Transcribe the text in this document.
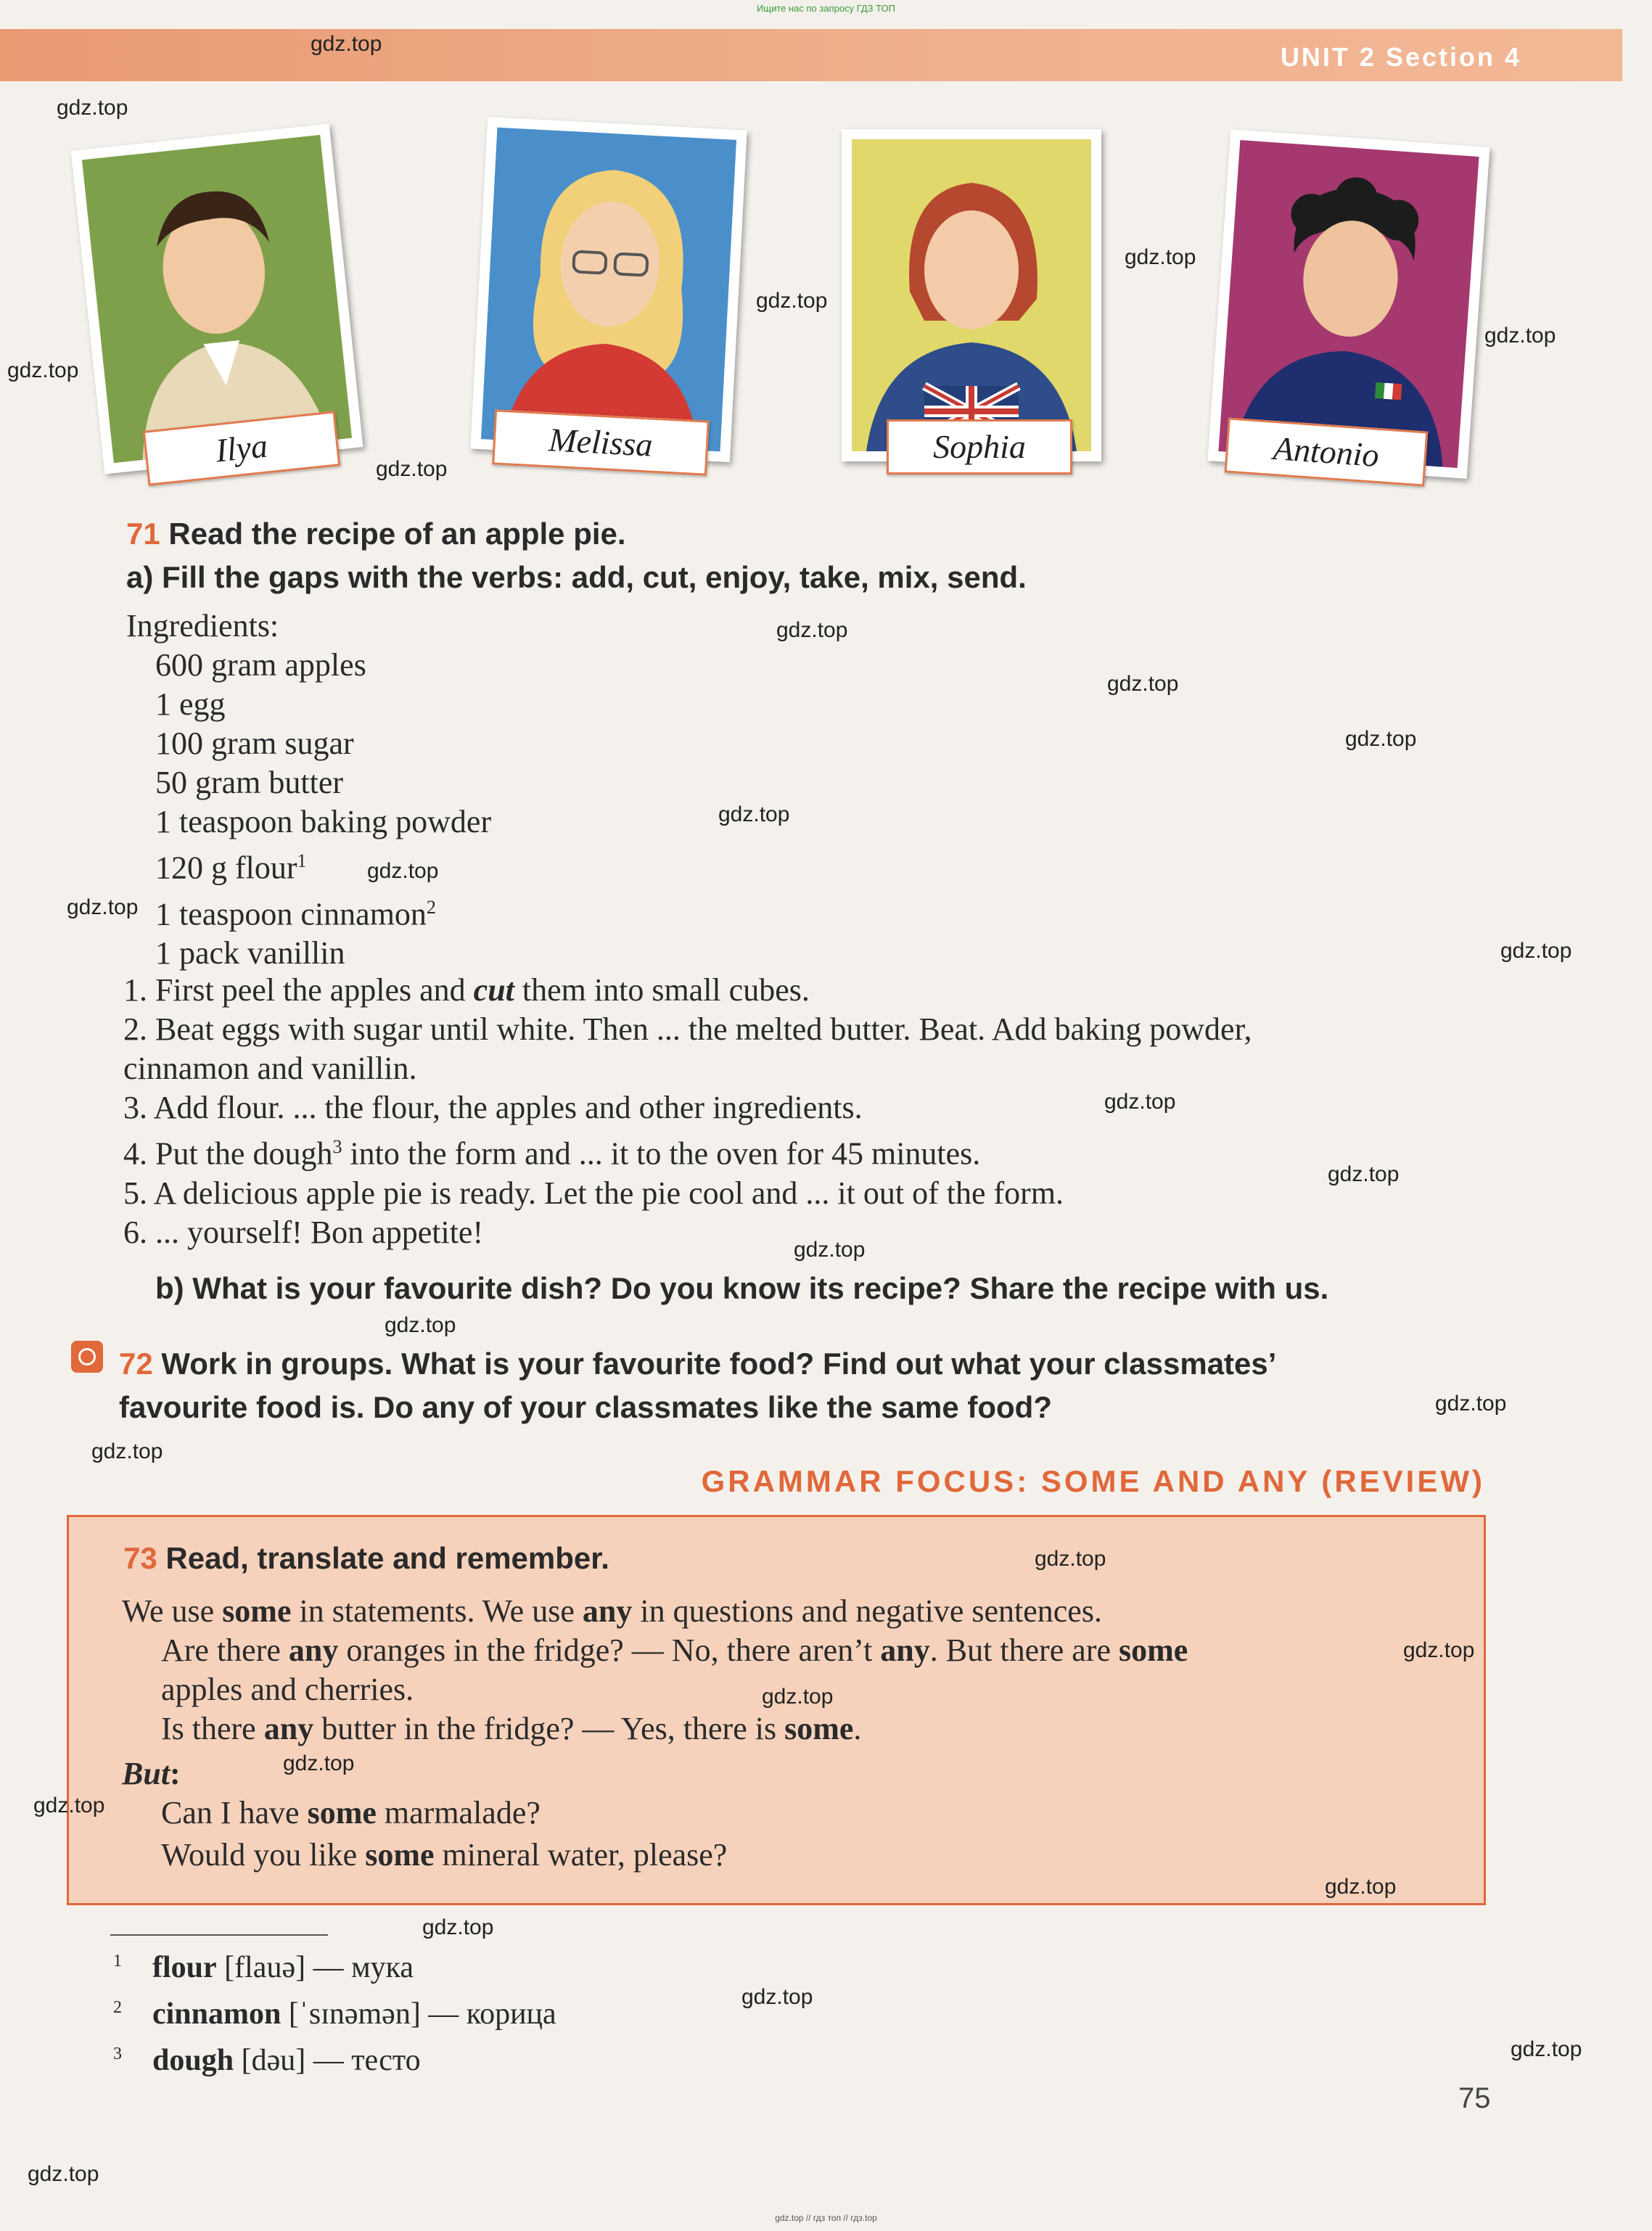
Ищите нас по запросу ГДЗ ТОП
UNIT 2 Section 4
Ilya	Melissa	Sophia	Antonio
71 Read the recipe of an apple pie.
a) Fill the gaps with the verbs: add, cut, enjoy, take, mix, send.
Ingredients:
600 gram apples
1 egg
100 gram sugar
50 gram butter
1 teaspoon baking powder
120 g flour$^1$
1 teaspoon cinnamon$^2$
1 pack vanillin
1. First peel the apples and cut them into small cubes.
2. Beat eggs with sugar until white. Then ... the melted butter. Beat. Add baking powder,
cinnamon and vanillin.
3. Add flour. ... the flour, the apples and other ingredients.
4. Put the dough$^3$ into the form and ... it to the oven for 45 minutes.
5. A delicious apple pie is ready. Let the pie cool and ... it out of the form.
6. ... yourself! Bon appetite!
b) What is your favourite dish? Do you know its recipe? Share the recipe with us.
72 Work in groups. What is your favourite food? Find out what your classmates’
favourite food is. Do any of your classmates like the same food?
GRAMMAR FOCUS: SOME AND ANY (REVIEW)
73 Read, translate and remember.
We use some in statements. We use any in questions and negative sentences.
Are there any oranges in the fridge? — No, there aren’t any. But there are some
apples and cherries.
Is there any butter in the fridge? — Yes, there is some.
But:
Can I have some marmalade?
Would you like some mineral water, please?
$^1$ flour [flauə] — мука
$^2$ cinnamon [ˈsɪnəmən] — корица
$^3$ dough [dəu] — тесто
75
gdz.top
gdz.top
gdz.top
gdz.top
gdz.top
gdz.top
gdz.top
gdz.top
gdz.top
gdz.top
gdz.top
gdz.top
gdz.top
gdz.top
gdz.top
gdz.top
gdz.top
gdz.top
gdz.top
gdz.top
gdz.top
gdz.top
gdz.top
gdz.top
gdz.top
gdz.top
gdz.top
gdz.top
gdz.top
gdz.top
gdz.top // гдз топ // гдз.top
